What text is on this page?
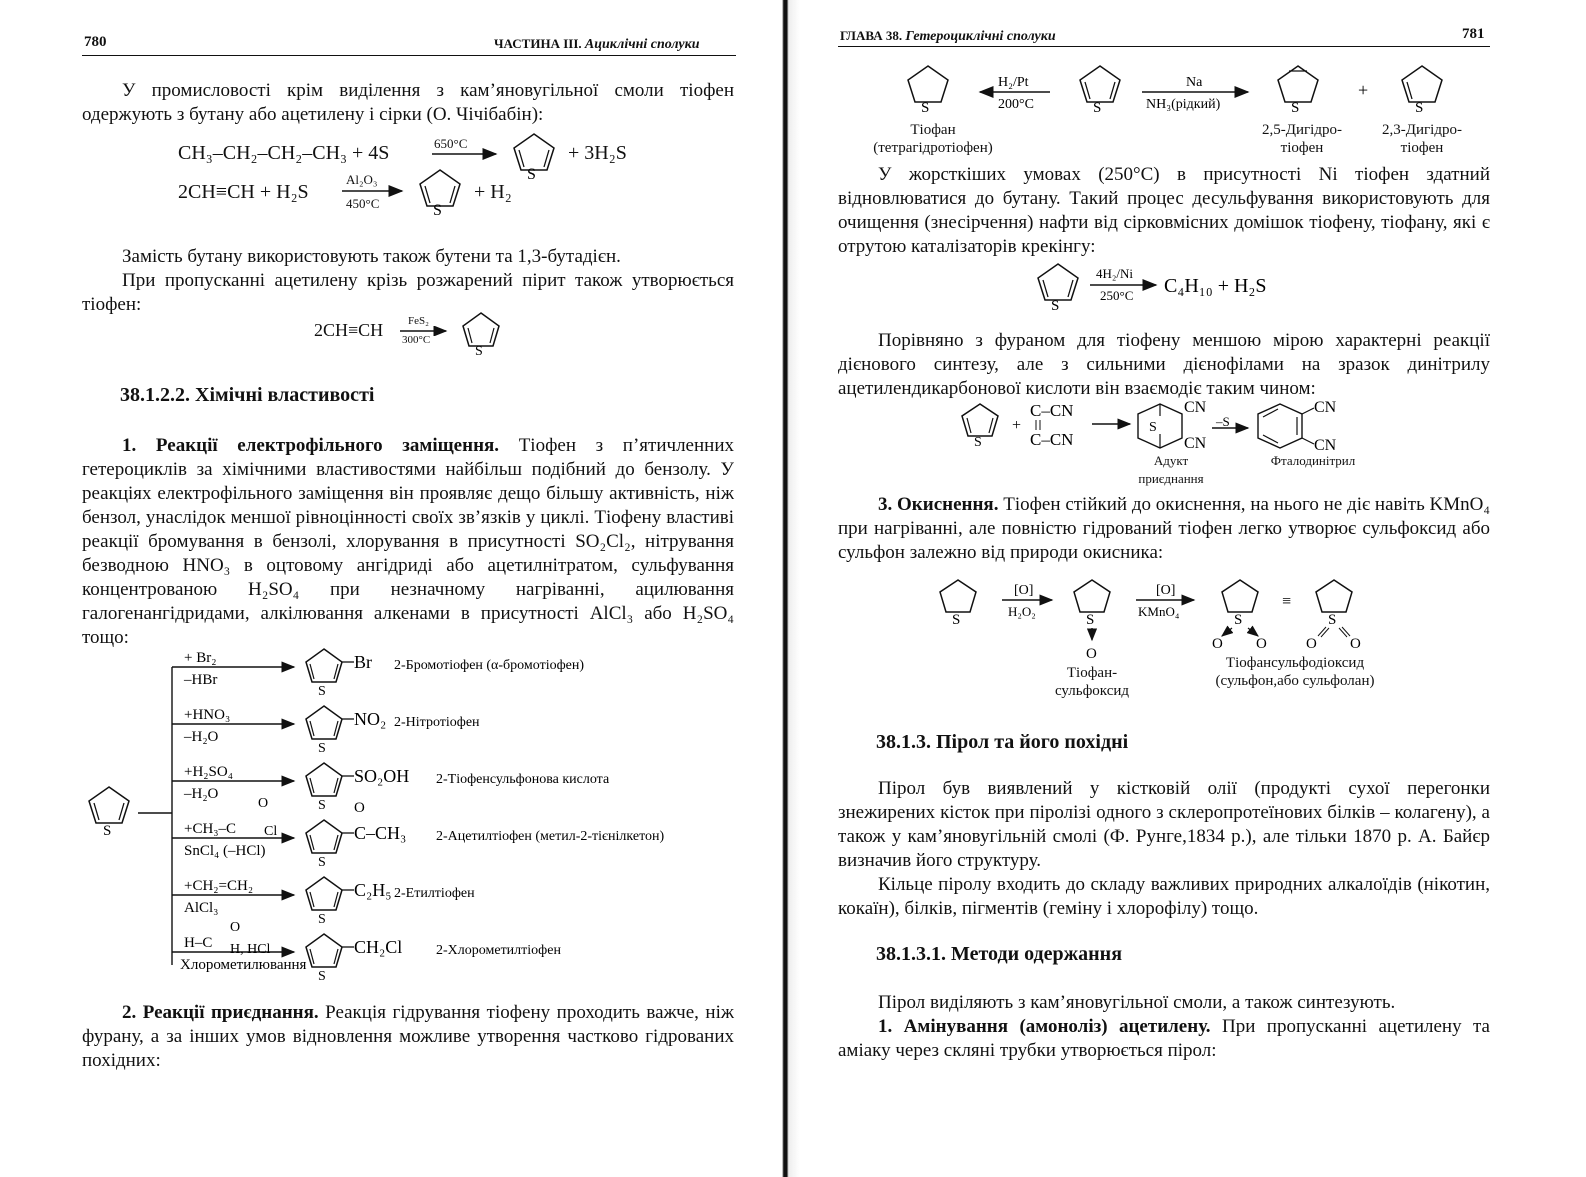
780	ЧАСТИНА III. Ациклічні сполуки
У промисловості крім виділення з кам’яновугільної смоли тіофен одержують з бутану або ацетилену і сірки (О. Чічібабін):
CH₃–CH₂–CH₂–CH₃ + 4S	650°C
S
+ 3H₂S
2CH≡CH + H₂S
Al₂O₃
450°C	S
+ H₂
Замість бутану використовують також бутени та 1,3-бутадієн.
При пропусканні ацетилену крізь розжарений пірит також утворюється тіофен:
2CH≡CH FeS₂
300°C
S
38.1.2.2. Хімічні властивості
1. Реакції електрофільного заміщення. Тіофен з п’ятичленних гетероциклів за хімічними властивостями найбільш подібний до бензолу. У реакціях електрофільного заміщення він проявляє дещо більшу активність, ніж бензол, унаслідок меншої рівноцінності своїх зв’язків у циклі. Тіофену властиві реакції бромування в бензолі, хлорування в присутності SO₂Cl₂, нітрування безводною HNO₃ в оцтовому ангідриді або ацетилнітратом, сульфування концентрованою H₂SO₄ при незначному нагріванні, ацилювання галогенангідридами, алкілювання алкенами в присутності AlCl₃ або H₂SO₄ тощо:
S
+ Br₂
–HBr
S
Br 2-Бромотіофен (α-бромотіофен)
+HNO₃
–H₂O
S
NO₂ 2-Нітротіофен
+H₂SO₄
–H₂O
S
SO₂OH 2-Тіофенсульфонова кислота
+CH₃–C
SnCl₄ (–HCl)
S
C–CH₃ 2-Ацетилтіофен (метил-2-тієнілкетон)
+CH₂=CH₂
AlCl₃
S
C₂H₅ 2-Етилтіофен
H–C
Хлорометилювання
S
CH₂Cl 2-Хлорометилтіофен
O
Cl
O
O
H, HCl
2. Реакції приєднання. Реакція гідрування тіофену проходить важче, ніж фурану, а за інших умов відновлення можливе утворення частково гідрованих похідних:
ГЛАВА 38. Гетероциклічні сполуки	781
S
H₂/Pt
200°C	S
Na
NH₃(рідкий)	S
+
S
Тіофан
(тетрагідротіофен)
2,5-Дигідро-
тіофен
2,3-Дигідро-
тіофен
У жорсткіших умовах (250°C) в присутності Ni тіофен здатний відновлюватися до бутану. Такий процес десульфування використовують для очищення (знесірчення) нафти від сірковмісних домішок тіофену, тіофану, які є отрутою каталізаторів крекінгу:
S
4H₂/Ni
250°C C₄H₁₀ + H₂S
Порівняно з фураном для тіофену меншою мірою характерні реакції дієнового синтезу, але з сильними дієнофілами на зразок динітрилу ацетилендикарбонової кислоти він взаємодіє таким чином:
S
+
C–CN
C–CN
S
CN
CN
–S
CN
CN
Адукт
приєднання
Фталодинітрил
3. Окиснення. Тіофен стійкий до окиснення, на нього не діє навіть KMnO₄ при нагріванні, але повністю гідрований тіофен легко утворює сульфоксид або сульфон залежно від природи окисника:
S
[O]
H₂O₂
S
O
[O]
KMnO₄
S
O O
≡
S
O O
Тіофан-
сульфоксид
Тіофансульфодіоксид
(сульфон,або сульфолан)
38.1.3. Пірол та його похідні
Пірол був виявлений у кістковій олії (продукті сухої перегонки знежирених кісток при піролізі одного з склеропротеїнових білків – колагену), а також у кам’яновугільній смолі (Ф. Рунге,1834 р.), але тільки 1870 р. А. Байєр визначив його структуру.
Кільце піролу входить до складу важливих природних алкалоїдів (нікотин, кокаїн), білків, пігментів (геміну і хлорофілу) тощо.
38.1.3.1. Методи одержання
Пірол виділяють з кам’яновугільної смоли, а також синтезують.
1. Амінування (амоноліз) ацетилену. При пропусканні ацетилену та аміаку через скляні трубки утворюється пірол:
